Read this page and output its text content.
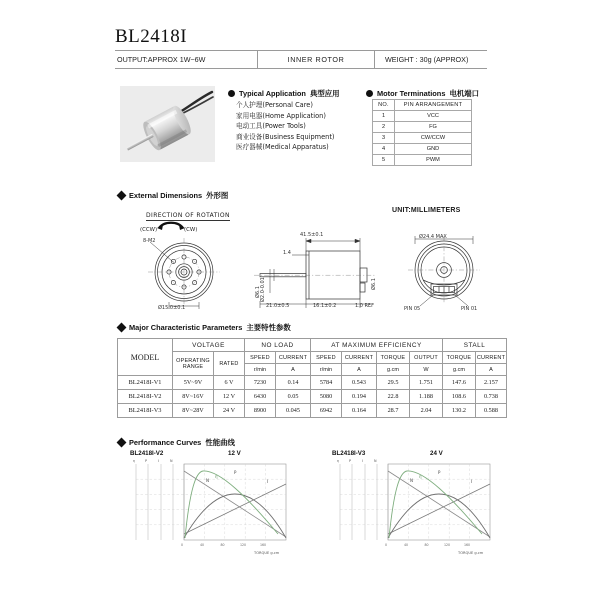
BL2418I
OUTPUT:APPROX 1W~6W	INNER ROTOR	WEIGHT : 30g (APPROX)
Typical Application 典型应用
个人护理(Personal Care)
家用电器(Home Application)
电动工具(Power Tools)
商业设备(Business Equipment)
医疗器械(Medical Apparatus)
Motor Terminations 电机端口
NO.	PIN ARRANGEMENT
1	VCC
2	FG
3	CW/CCW
4	GND
5	PWM
External Dimensions 外形图
DIRECTION OF ROTATION
(CCW)	(CW)
UNIT:MILLIMETERS
8-M2
Ø15.0±0.1
41.5±0.1
1.4
21.0±0.5	16.1±0.2	1.0 REF
Ø2.0-0.01
Ø6.1
Ø6.1
Ø24.4 MAX
PIN 05	PIN 01
Major Characteristic Parameters 主要特性参数
MODEL	VOLTAGE		NO LOAD		AT MAXIMUM EFFICIENCY				STALL	
	OPERATING RANGE	RATED	SPEED	CURRENT	SPEED	CURRENT	TORQUE	OUTPUT	TORQUE	CURRENT
			r/min	A	r/min	A	g.cm	W	g.cm	A
BL2418I-V1	5V~9V	6 V	7230	0.14	5784	0.543	29.5	1.751	147.6	2.157
BL2418I-V2	8V~16V	12 V	6430	0.05	5080	0.194	22.8	1.188	108.6	0.738
BL2418I-V3	8V~28V	24 V	8900	0.045	6942	0.164	28.7	2.04	130.2	0.588
Performance Curves 性能曲线
BL2418I-V2	12 V	BL2418I-V3	24 V
N
η
P
I
η	P	I	N
0	40	80	120	160
TORQUE g.cm
N
η
P
I
η	P	I	N
0	40	80	120	160
TORQUE g.cm
